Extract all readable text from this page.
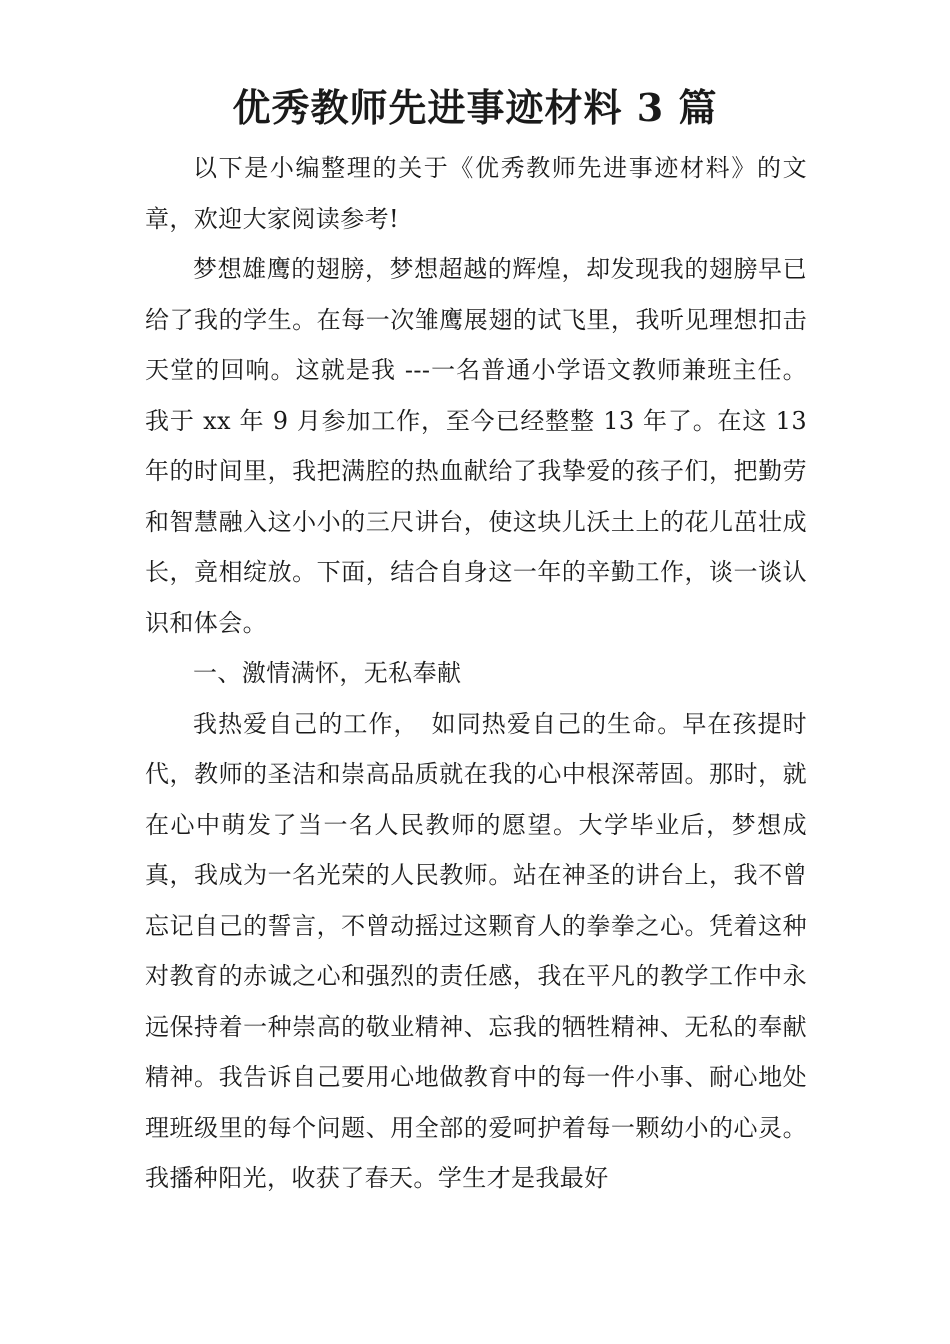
优秀教师先进事迹材料 3 篇

以下是小编整理的关于《优秀教师先进事迹材料》的文章，欢迎大家阅读参考!

梦想雄鹰的翅膀，梦想超越的辉煌，却发现我的翅膀早已给了我的学生。在每一次雏鹰展翅的试飞里，我听见理想扣击天堂的回响。这就是我 ---一名普通小学语文教师兼班主任。我于 xx 年 9 月参加工作，至今已经整整 13 年了。在这 13 年的时间里，我把满腔的热血献给了我挚爱的孩子们，把勤劳和智慧融入这小小的三尺讲台，使这块儿沃土上的花儿茁壮成长，竟相绽放。下面，结合自身这一年的辛勤工作，谈一谈认识和体会。

一、激情满怀，无私奉献

我热爱自己的工作，　如同热爱自己的生命。早在孩提时代，教师的圣洁和崇高品质就在我的心中根深蒂固。那时，就在心中萌发了当一名人民教师的愿望。大学毕业后，梦想成真，我成为一名光荣的人民教师。站在神圣的讲台上，我不曾忘记自己的誓言，不曾动摇过这颗育人的拳拳之心。凭着这种对教育的赤诚之心和强烈的责任感，我在平凡的教学工作中永远保持着一种崇高的敬业精神、忘我的牺牲精神、无私的奉献精神。我告诉自己要用心地做教育中的每一件小事、耐心地处理班级里的每个问题、用全部的爱呵护着每一颗幼小的心灵。我播种阳光，收获了春天。学生才是我最好
